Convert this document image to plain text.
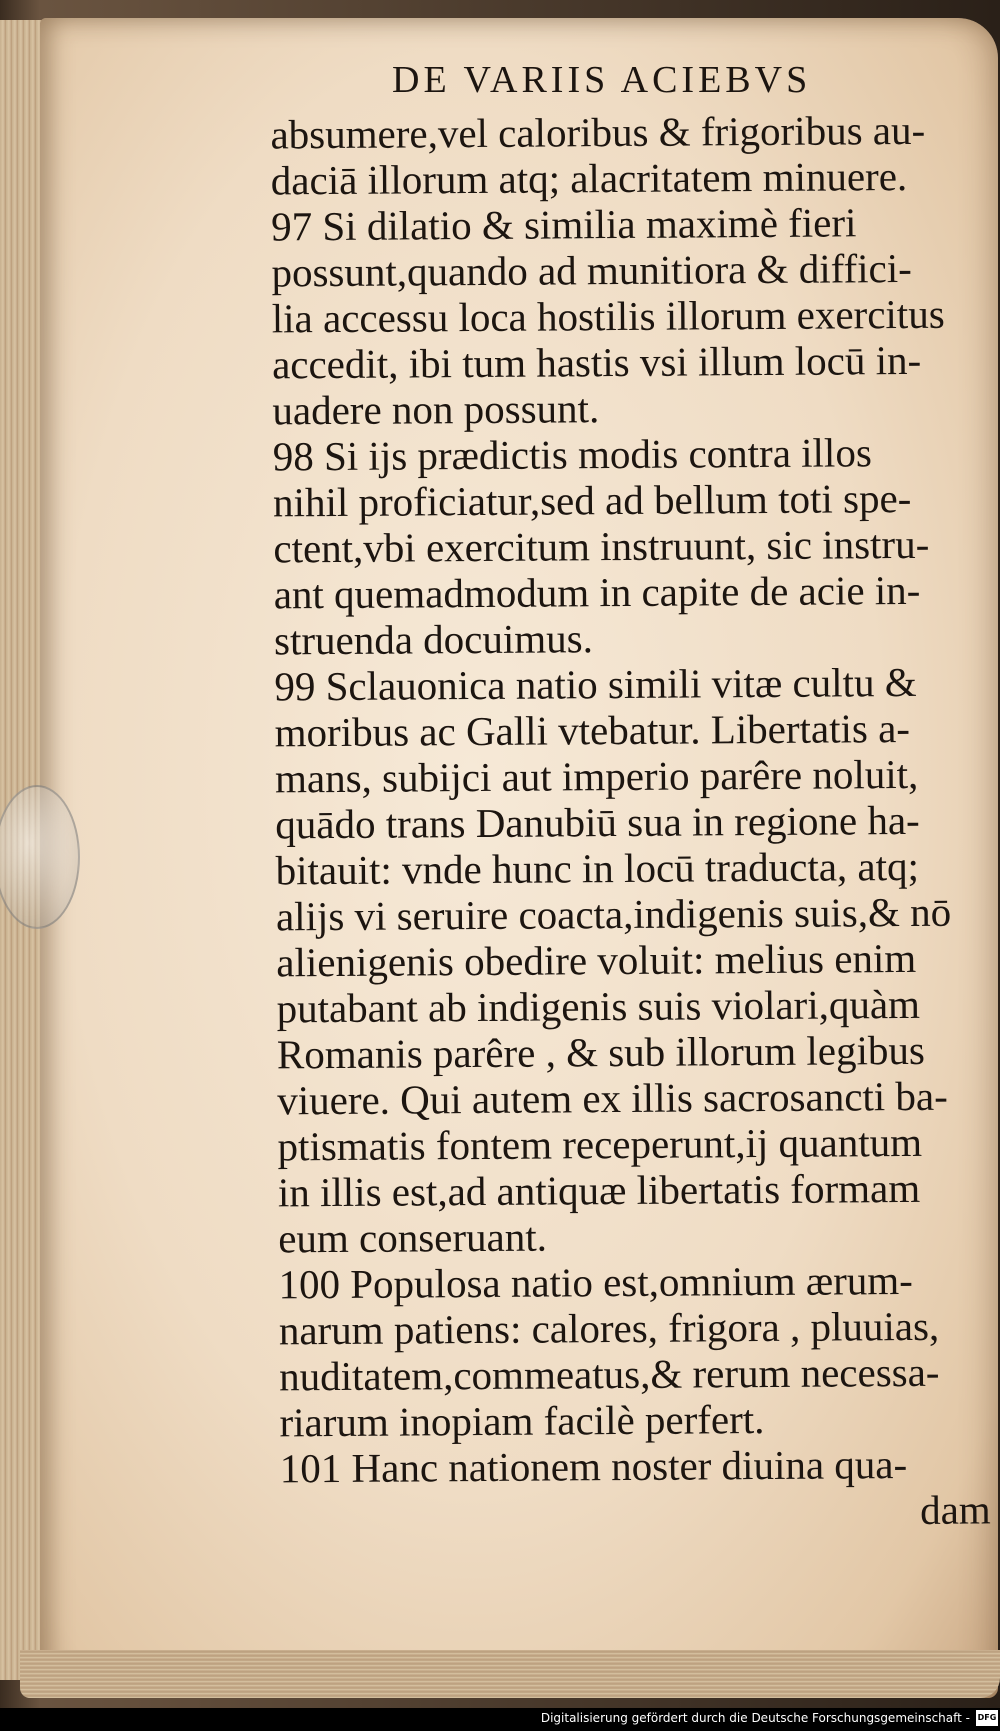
DE VARIIS ACIEBVS
absumere,vel caloribus & frigoribus au-
daciā illorum atq; alacritatem minuere.
97 Si dilatio & similia maximè fieri
possunt,quando ad munitiora & diffici-
lia accessu loca hostilis illorum exercitus
accedit, ibi tum hastis vsi illum locū in-
uadere non possunt.
98 Si ijs prædictis modis contra illos
nihil proficiatur,sed ad bellum toti spe-
ctent,vbi exercitum instruunt, sic instru-
ant quemadmodum in capite de acie in-
struenda docuimus.
99 Sclauonica natio simili vitæ cultu &
moribus ac Galli vtebatur. Libertatis a-
mans, subijci aut imperio parêre noluit,
quādo trans Danubiū sua in regione ha-
bitauit: vnde hunc in locū traducta, atq;
alijs vi seruire coacta,indigenis suis,& nō
alienigenis obedire voluit: melius enim
putabant ab indigenis suis violari,quàm
Romanis parêre , & sub illorum legibus
viuere. Qui autem ex illis sacrosancti ba-
ptismatis fontem receperunt,ij quantum
in illis est,ad antiquæ libertatis formam
eum conseruant.
100 Populosa natio est,omnium ærum-
narum patiens: calores, frigora , pluuias,
nuditatem,commeatus,& rerum necessa-
riarum inopiam facilè perfert.
101 Hanc nationem noster diuina qua-
dam
Digitalisierung gefördert durch die Deutsche Forschungsgemeinschaft - DFG
